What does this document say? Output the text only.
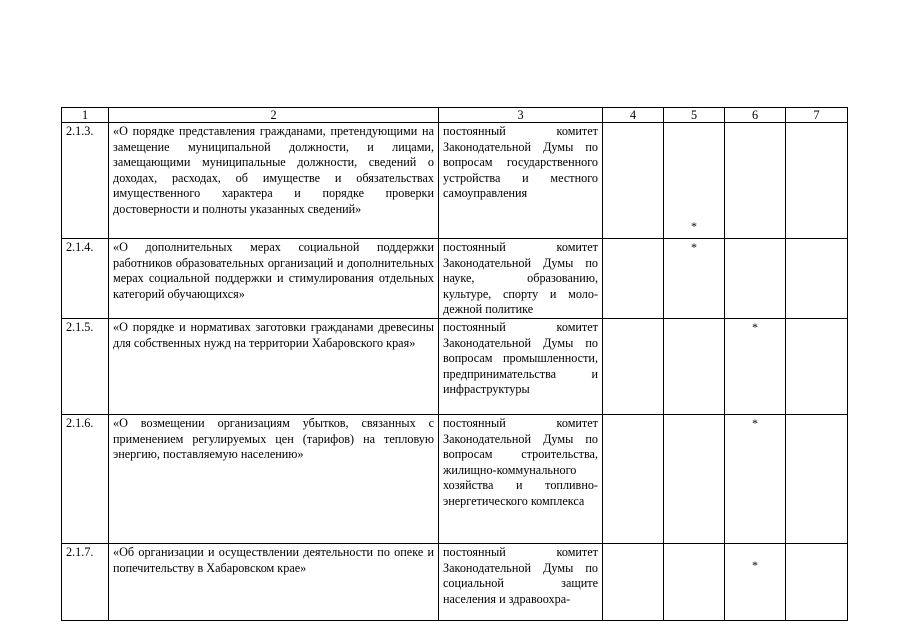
1	2	3	4	5	6	7
2.1.3.	«О порядке представления гражданами, претендующими на замещение муниципальной должности, и лицами, замещающими муниципальные должности, сведений о доходах, расходах, об имуществе и обязательствах имущественного характера и порядке проверки достоверности и полноты указанных сведений»	постоянный комитет Законодательной Думы по вопросам государственного устройства и местного самоуправления		*		
2.1.4.	«О дополнительных мерах социальной поддержки работников образовательных организаций и дополнительных мерах социальной поддержки и стимулирования отдельных категорий обучающихся»	постоянный комитет Законодательной Думы по науке, образованию, культуре, спорту и молодежной политике		*		
2.1.5.	«О порядке и нормативах заготовки гражданами древесины для собственных нужд на территории Хабаровского края»	постоянный комитет Законодательной Думы по вопросам промышленности, предпринимательства и инфраструктуры			*	
2.1.6.	«О возмещении организациям убытков, связанных с применением регулируемых цен (тарифов) на тепловую энергию, поставляемую населению»	постоянный комитет Законодательной Думы по вопросам строительства, жилищно-коммунального хозяйства и топливно-энергетического комплекса			*	
2.1.7.	«Об организации и осуществлении деятельности по опеке и попечительству в Хабаровском крае»	постоянный комитет Законодательной Думы по социальной защите населения и здравоохра-			*	
